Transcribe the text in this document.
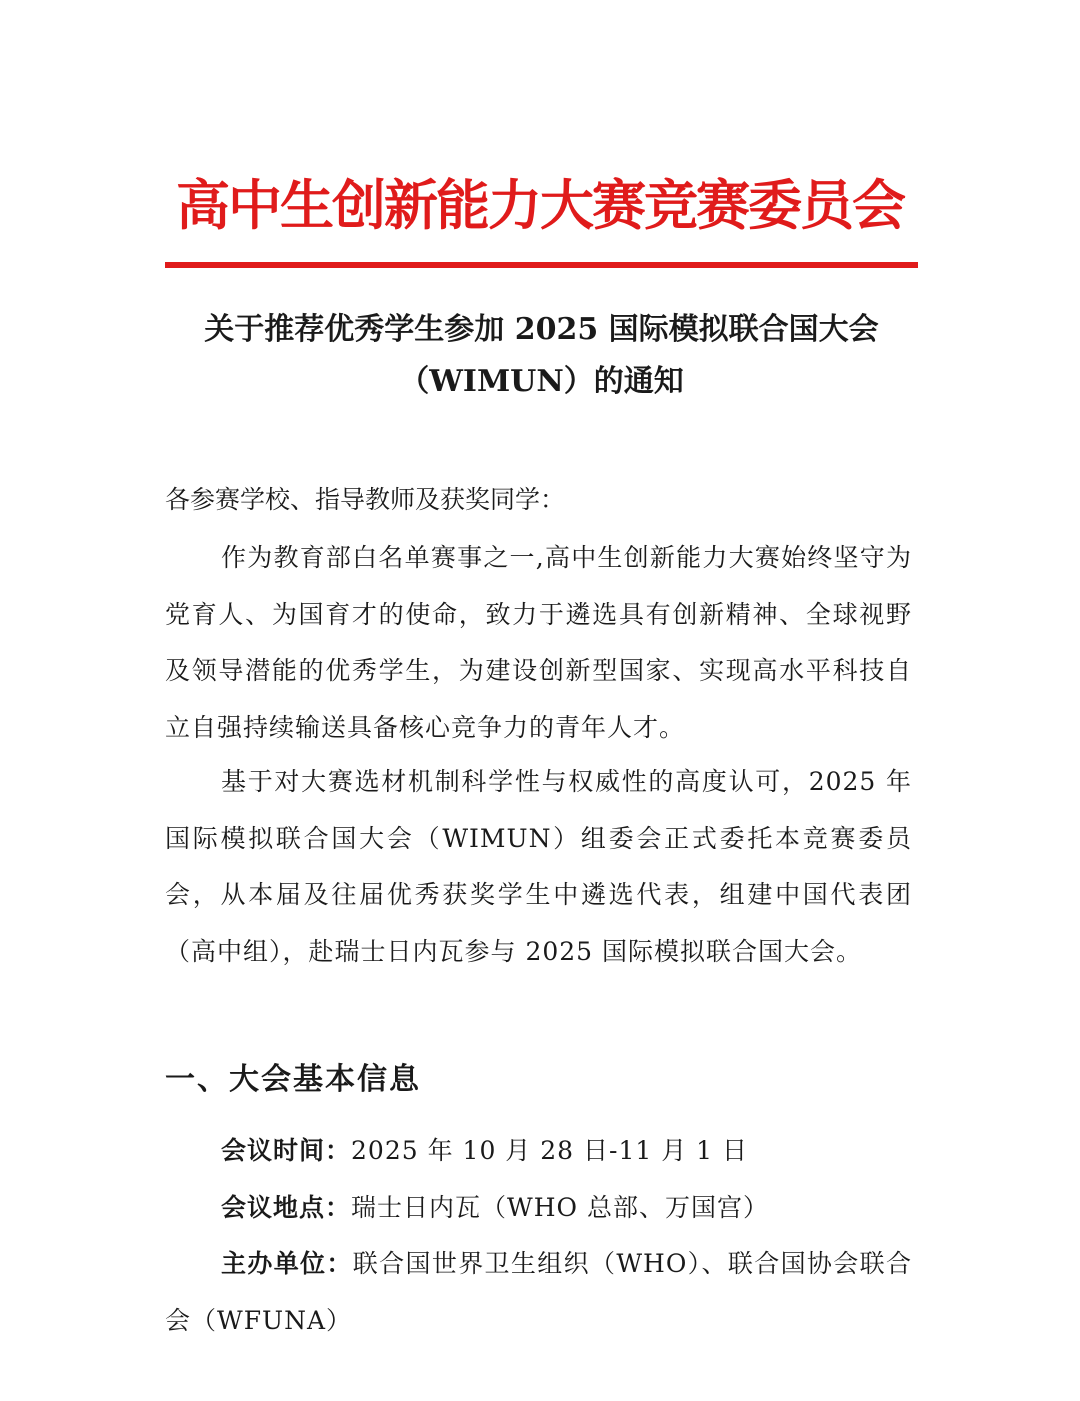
高中生创新能力大赛竞赛委员会
关于推荐优秀学生参加 2025 国际模拟联合国大会
（WIMUN）的通知
各参赛学校、指导教师及获奖同学：
作为教育部白名单赛事之一,高中生创新能力大赛始终坚守为党育人、为国育才的使命，致力于遴选具有创新精神、全球视野及领导潜能的优秀学生，为建设创新型国家、实现高水平科技自立自强持续输送具备核心竞争力的青年人才。
基于对大赛选材机制科学性与权威性的高度认可，2025 年国际模拟联合国大会（WIMUN）组委会正式委托本竞赛委员会，从本届及往届优秀获奖学生中遴选代表，组建中国代表团（高中组），赴瑞士日内瓦参与 2025 国际模拟联合国大会。
一、大会基本信息
会议时间：2025 年 10 月 28 日-11 月 1 日
会议地点：瑞士日内瓦（WHO 总部、万国宫）
主办单位：联合国世界卫生组织（WHO）、联合国协会联合会（WFUNA）
